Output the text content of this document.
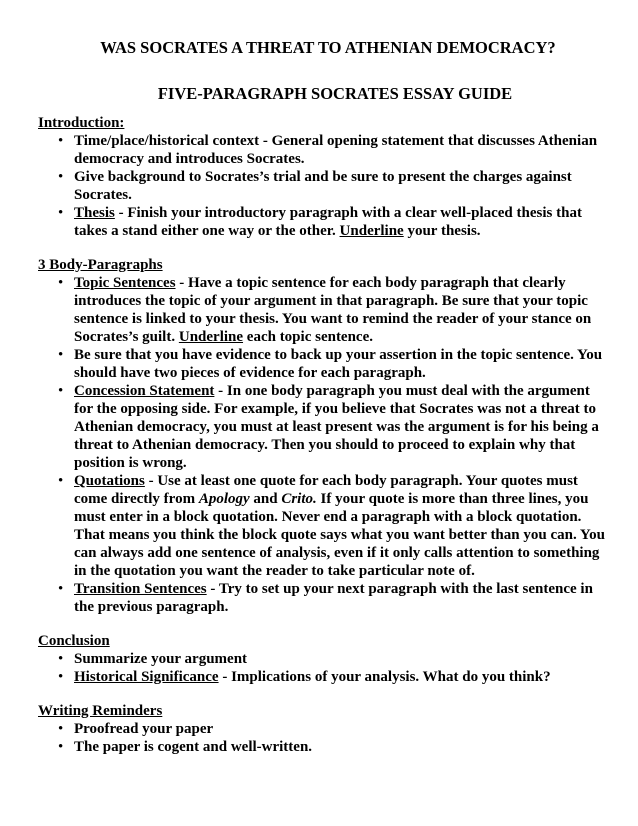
WAS SOCRATES A THREAT TO ATHENIAN DEMOCRACY?

FIVE-PARAGRAPH SOCRATES ESSAY GUIDE

Introduction:

• Time/place/historical context - General opening statement that discusses Athenian democracy and introduces Socrates.
• Give background to Socrates’s trial and be sure to present the charges against Socrates.
• Thesis - Finish your introductory paragraph with a clear well-placed thesis that takes a stand either one way or the other. Underline your thesis.

3 Body-Paragraphs

• Topic Sentences - Have a topic sentence for each body paragraph that clearly introduces the topic of your argument in that paragraph. Be sure that your topic sentence is linked to your thesis. You want to remind the reader of your stance on Socrates’s guilt. Underline each topic sentence.
• Be sure that you have evidence to back up your assertion in the topic sentence. You should have two pieces of evidence for each paragraph.
• Concession Statement - In one body paragraph you must deal with the argument for the opposing side. For example, if you believe that Socrates was not a threat to Athenian democracy, you must at least present was the argument is for his being a threat to Athenian democracy. Then you should to proceed to explain why that position is wrong.
• Quotations - Use at least one quote for each body paragraph. Your quotes must come directly from Apology and Crito. If your quote is more than three lines, you must enter in a block quotation. Never end a paragraph with a block quotation. That means you think the block quote says what you want better than you can. You can always add one sentence of analysis, even if it only calls attention to something in the quotation you want the reader to take particular note of.
• Transition Sentences - Try to set up your next paragraph with the last sentence in the previous paragraph.

Conclusion

• Summarize your argument
• Historical Significance - Implications of your analysis. What do you think?

Writing Reminders

• Proofread your paper
• The paper is cogent and well-written.
